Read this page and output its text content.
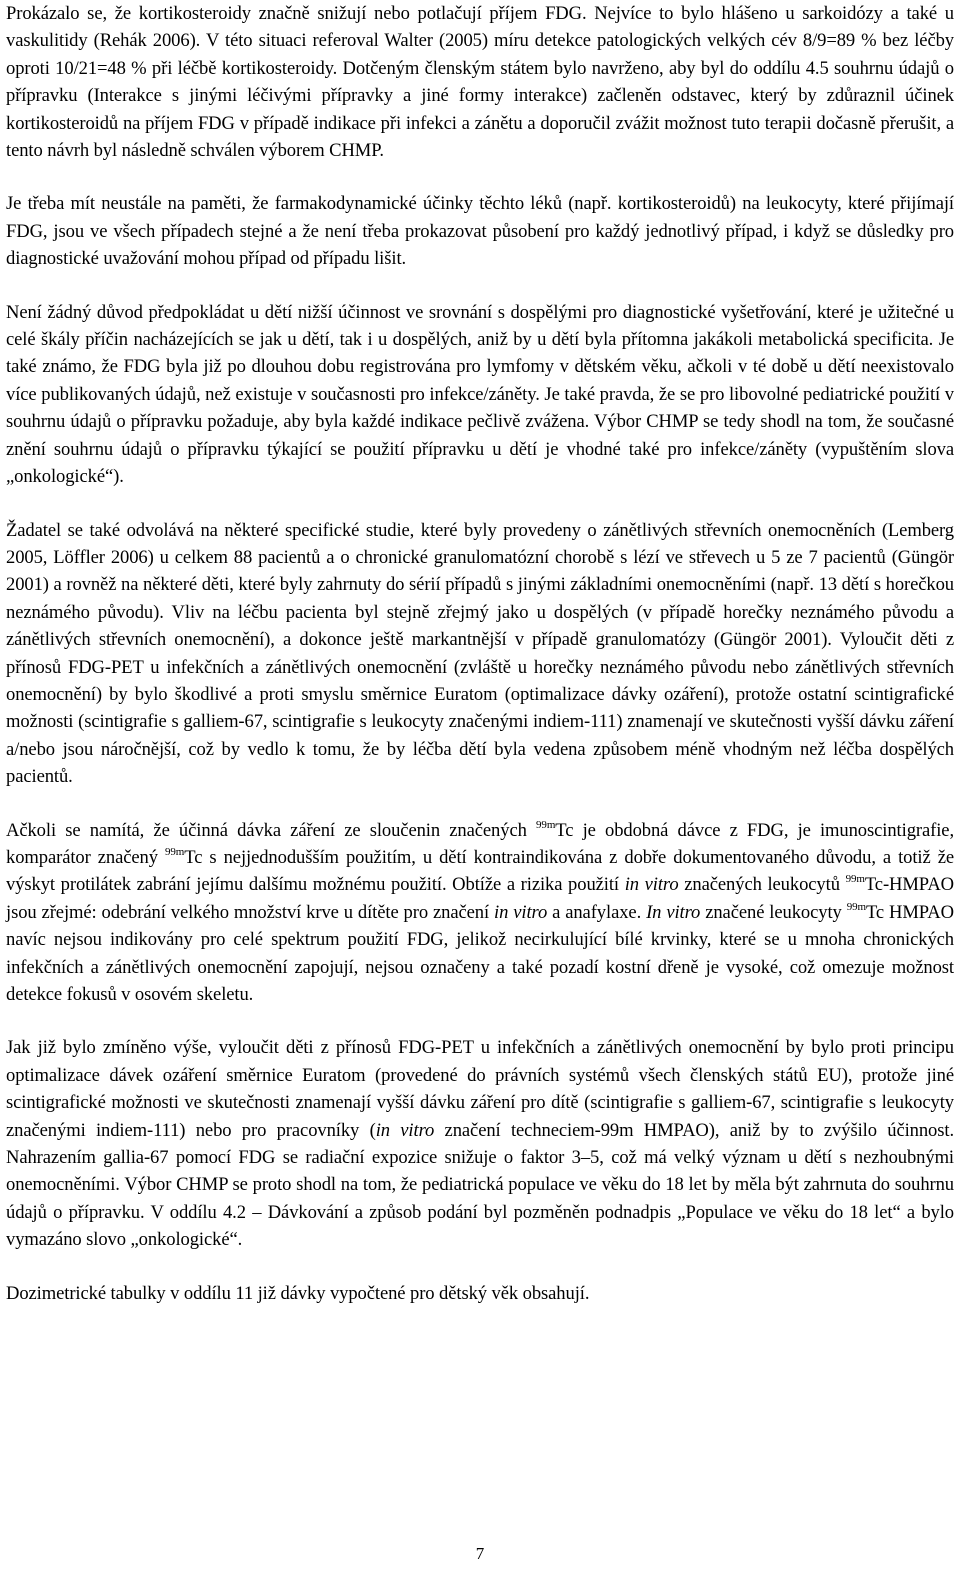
Prokázalo se, že kortikosteroidy značně snižují nebo potlačují příjem FDG. Nejvíce to bylo hlášeno u sarkoidózy a také u vaskulitidy (Rehák 2006). V této situaci referoval Walter (2005) míru detekce patologických velkých cév 8/9=89 % bez léčby oproti 10/21=48 % při léčbě kortikosteroidy. Dotčeným členským státem bylo navrženo, aby byl do oddílu 4.5 souhrnu údajů o přípravku (Interakce s jinými léčivými přípravky a jiné formy interakce) začleněn odstavec, který by zdůraznil účinek kortikosteroidů na příjem FDG v případě indikace při infekci a zánětu a doporučil zvážit možnost tuto terapii dočasně přerušit, a tento návrh byl následně schválen výborem CHMP.

Je třeba mít neustále na paměti, že farmakodynamické účinky těchto léků (např. kortikosteroidů) na leukocyty, které přijímají FDG, jsou ve všech případech stejné a že není třeba prokazovat působení pro každý jednotlivý případ, i když se důsledky pro diagnostické uvažování mohou případ od případu lišit.

Není žádný důvod předpokládat u dětí nižší účinnost ve srovnání s dospělými pro diagnostické vyšetřování, které je užitečné u celé škály příčin nacházejících se jak u dětí, tak i u dospělých, aniž by u dětí byla přítomna jakákoli metabolická specificita. Je také známo, že FDG byla již po dlouhou dobu registrována pro lymfomy v dětském věku, ačkoli v té době u dětí neexistovalo více publikovaných údajů, než existuje v současnosti pro infekce/záněty. Je také pravda, že se pro libovolné pediatrické použití v souhrnu údajů o přípravku požaduje, aby byla každé indikace pečlivě zvážena. Výbor CHMP se tedy shodl na tom, že současné znění souhrnu údajů o přípravku týkající se použití přípravku u dětí je vhodné také pro infekce/záněty (vypuštěním slova „onkologické“).

Žadatel se také odvolává na některé specifické studie, které byly provedeny o zánětlivých střevních onemocněních (Lemberg 2005, Löffler 2006) u celkem 88 pacientů a o chronické granulomatózní chorobě s lézí ve střevech u 5 ze 7 pacientů (Güngör 2001) a rovněž na některé děti, které byly zahrnuty do sérií případů s jinými základními onemocněními (např. 13 dětí s horečkou neznámého původu). Vliv na léčbu pacienta byl stejně zřejmý jako u dospělých (v případě horečky neznámého původu a zánětlivých střevních onemocnění), a dokonce ještě markantnější v případě granulomatózy (Güngör 2001). Vyloučit děti z přínosů FDG-PET u infekčních a zánětlivých onemocnění (zvláště u horečky neznámého původu nebo zánětlivých střevních onemocnění) by bylo škodlivé a proti smyslu směrnice Euratom (optimalizace dávky ozáření), protože ostatní scintigrafické možnosti (scintigrafie s galliem-67, scintigrafie s leukocyty značenými indiem-111) znamenají ve skutečnosti vyšší dávku záření a/nebo jsou náročnější, což by vedlo k tomu, že by léčba dětí byla vedena způsobem méně vhodným než léčba dospělých pacientů.

Ačkoli se namítá, že účinná dávka záření ze sloučenin značených $^{99m}$Tc je obdobná dávce z FDG, je imunoscintigrafie, komparátor značený $^{99m}$Tc s nejjednodušším použitím, u dětí kontraindikována z dobře dokumentovaného důvodu, a totiž že výskyt protilátek zabrání jejímu dalšímu možnému použití. Obtíže a rizika použití in vitro značených leukocytů $^{99m}$Tc-HMPAO jsou zřejmé: odebrání velkého množství krve u dítěte pro značení in vitro a anafylaxe. In vitro značené leukocyty $^{99m}$Tc HMPAO navíc nejsou indikovány pro celé spektrum použití FDG, jelikož necirkulující bílé krvinky, které se u mnoha chronických infekčních a zánětlivých onemocnění zapojují, nejsou označeny a také pozadí kostní dřeně je vysoké, což omezuje možnost detekce fokusů v osovém skeletu.

Jak již bylo zmíněno výše, vyloučit děti z přínosů FDG-PET u infekčních a zánětlivých onemocnění by bylo proti principu optimalizace dávek ozáření směrnice Euratom (provedené do právních systémů všech členských států EU), protože jiné scintigrafické možnosti ve skutečnosti znamenají vyšší dávku záření pro dítě (scintigrafie s galliem-67, scintigrafie s leukocyty značenými indiem-111) nebo pro pracovníky (in vitro značení techneciem-99m HMPAO), aniž by to zvýšilo účinnost. Nahrazením gallia-67 pomocí FDG se radiační expozice snižuje o faktor 3–5, což má velký význam u dětí s nezhoubnými onemocněními. Výbor CHMP se proto shodl na tom, že pediatrická populace ve věku do 18 let by měla být zahrnuta do souhrnu údajů o přípravku. V oddílu 4.2 – Dávkování a způsob podání byl pozměněn podnadpis „Populace ve věku do 18 let“ a bylo vymazáno slovo „onkologické“.

Dozimetrické tabulky v oddílu 11 již dávky vypočtené pro dětský věk obsahují.

7
